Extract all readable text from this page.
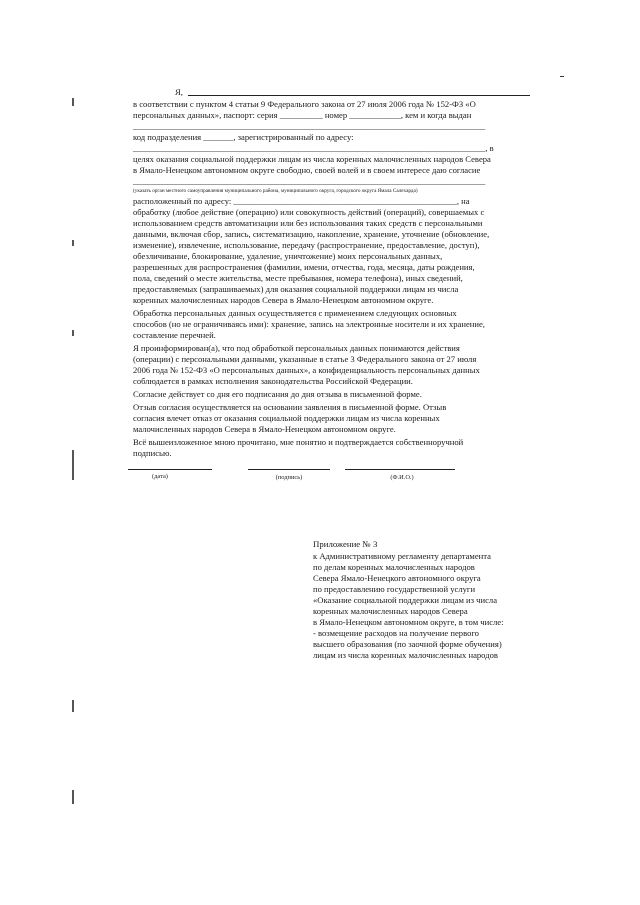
Я,
в соответствии с пунктом 4 статьи 9 Федерального закона от 27 июля 2006 года № 152-ФЗ «О
персональных данных», паспорт: серия __________ номер ____________, кем и когда выдан
__________________________________________________________________________________
код подразделения _______, зарегистрированный по адресу:
__________________________________________________________________________________, в
целях оказания социальной поддержки лицам из числа коренных малочисленных народов Севера
в Ямало-Ненецком автономном округе свободно, своей волей и в своем интересе даю согласие
__________________________________________________________________________________
(указать орган местного самоуправления муниципального района, муниципального округа, городского округа Ямала Салехарда)
расположенный по адресу: ____________________________________________________, на
обработку (любое действие (операцию) или совокупность действий (операций), совершаемых с
использованием средств автоматизации или без использования таких средств с персональными
данными, включая сбор, запись, систематизацию, накопление, хранение, уточнение (обновление,
изменение), извлечение, использование, передачу (распространение, предоставление, доступ),
обезличивание, блокирование, удаление, уничтожение) моих персональных данных,
разрешенных для распространения (фамилии, имени, отчества, года, месяца, даты рождения,
пола, сведений о месте жительства, месте пребывания, номера телефона), иных сведений,
предоставляемых (запрашиваемых) для оказания социальной поддержки лицам из числа
коренных малочисленных народов Севера в Ямало-Ненецком автономном округе.
Обработка персональных данных осуществляется с применением следующих основных
способов (но не ограничиваясь ими): хранение, запись на электронные носители и их хранение,
составление перечней.
Я проинформирован(а), что под обработкой персональных данных понимаются действия
(операции) с персональными данными, указанные в статье 3 Федерального закона от 27 июля
2006 года № 152-ФЗ «О персональных данных», а конфиденциальность персональных данных
соблюдается в рамках исполнения законодательства Российской Федерации.
Согласие действует со дня его подписания до дня отзыва в письменной форме.
Отзыв согласия осуществляется на основании заявления в письменной форме. Отзыв
согласия влечет отказ от оказания социальной поддержки лицам из числа коренных
малочисленных народов Севера в Ямало-Ненецком автономном округе.
Всё вышеизложенное мною прочитано, мне понятно и подтверждается собственноручной
подписью.
(дата)	(подпись)	(Ф.И.О.)
Приложение № 3
к Административному регламенту департамента
по делам коренных малочисленных народов
Севера Ямало-Ненецкого автономного округа
по предоставлению государственной услуги
«Оказание социальной поддержки лицам из числа
коренных малочисленных народов Севера
в Ямало-Ненецком автономном округе, в том числе:
- возмещение расходов на получение первого
высшего образования (по заочной форме обучения)
лицам из числа коренных малочисленных народов
